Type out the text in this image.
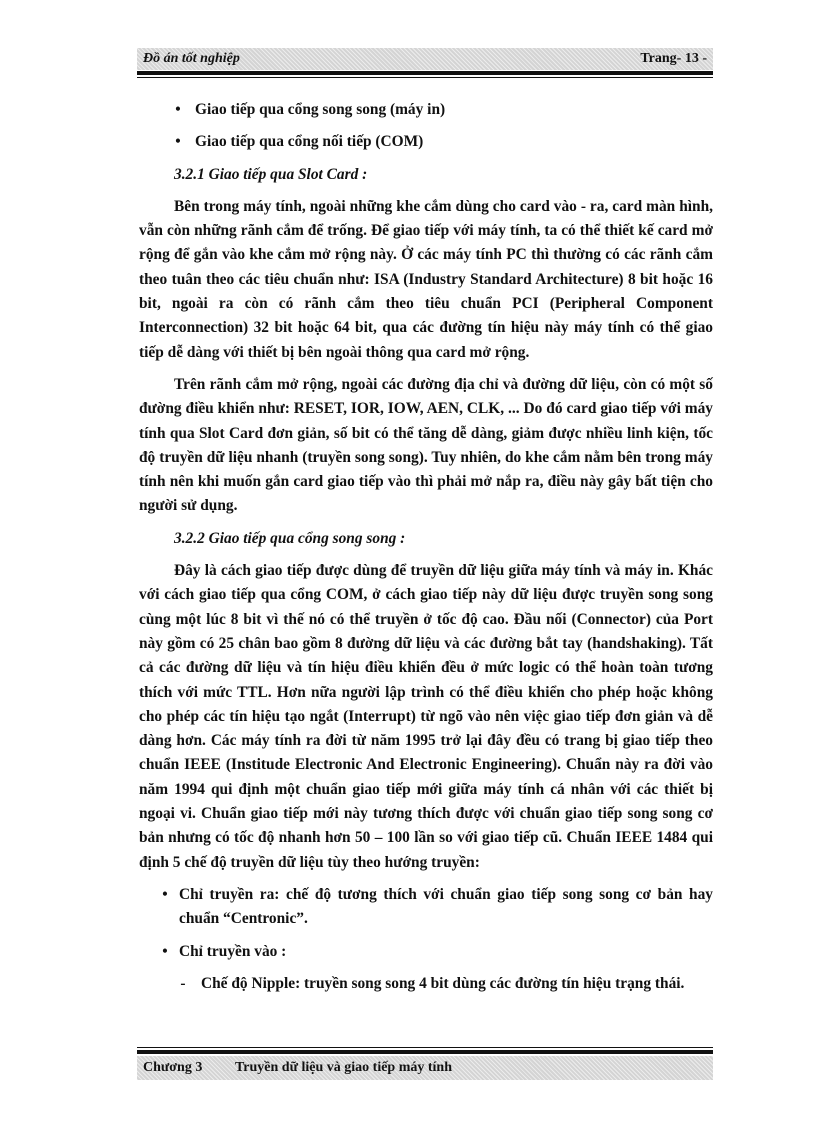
Đồ án tốt nghiệp	Trang- 13 -
• Giao tiếp qua cổng song song (máy in)
• Giao tiếp qua cổng nối tiếp (COM)
3.2.1 Giao tiếp qua Slot Card :

Bên trong máy tính, ngoài những khe cắm dùng cho card vào - ra, card màn hình, vẫn còn những rãnh cắm để trống. Để giao tiếp với máy tính, ta có thể thiết kế card mở rộng để gắn vào khe cắm mở rộng này. Ở các máy tính PC thì thường có các rãnh cắm theo tuân theo các tiêu chuẩn như: ISA (Industry Standard Architecture) 8 bit hoặc 16 bit, ngoài ra còn có rãnh cắm theo tiêu chuẩn PCI (Peripheral Component Interconnection) 32 bit hoặc 64 bit, qua các đường tín hiệu này máy tính có thể giao tiếp dễ dàng với thiết bị bên ngoài thông qua card mở rộng.

Trên rãnh cắm mở rộng, ngoài các đường địa chỉ và đường dữ liệu, còn có một số đường điều khiển như: RESET, IOR, IOW, AEN, CLK, ... Do đó card giao tiếp với máy tính qua Slot Card đơn giản, số bit có thể tăng dễ dàng, giảm được nhiều linh kiện, tốc độ truyền dữ liệu nhanh (truyền song song). Tuy nhiên, do khe cắm nằm bên trong máy tính nên khi muốn gắn card giao tiếp vào thì phải mở nắp ra, điều này gây bất tiện cho người sử dụng.

3.2.2 Giao tiếp qua cổng song song :

Đây là cách giao tiếp được dùng để truyền dữ liệu giữa máy tính và máy in. Khác với cách giao tiếp qua cổng COM, ở cách giao tiếp này dữ liệu được truyền song song cùng một lúc 8 bit vì thế nó có thể truyền ở tốc độ cao. Đầu nối (Connector) của Port này gồm có 25 chân bao gồm 8 đường dữ liệu và các đường bắt tay (handshaking). Tất cả các đường dữ liệu và tín hiệu điều khiển đều ở mức logic có thể hoàn toàn tương thích với mức TTL. Hơn nữa người lập trình có thể điều khiển cho phép hoặc không cho phép các tín hiệu tạo ngắt (Interrupt) từ ngõ vào nên việc giao tiếp đơn giản và dễ dàng hơn. Các máy tính ra đời từ năm 1995 trở lại đây đều có trang bị giao tiếp theo chuẩn IEEE (Institude Electronic And Electronic Engineering). Chuẩn này ra đời vào năm 1994 qui định một chuẩn giao tiếp mới giữa máy tính cá nhân với các thiết bị ngoại vi. Chuẩn giao tiếp mới này tương thích được với chuẩn giao tiếp song song cơ bản nhưng có tốc độ nhanh hơn 50 – 100 lần so với giao tiếp cũ. Chuẩn IEEE 1484 qui định 5 chế độ truyền dữ liệu tùy theo hướng truyền:

• Chỉ truyền ra: chế độ tương thích với chuẩn giao tiếp song song cơ bản hay chuẩn “Centronic”.
• Chỉ truyền vào :
-	Chế độ Nipple: truyền song song 4 bit dùng các đường tín hiệu trạng thái.
Chương 3	Truyền dữ liệu và giao tiếp máy tính
